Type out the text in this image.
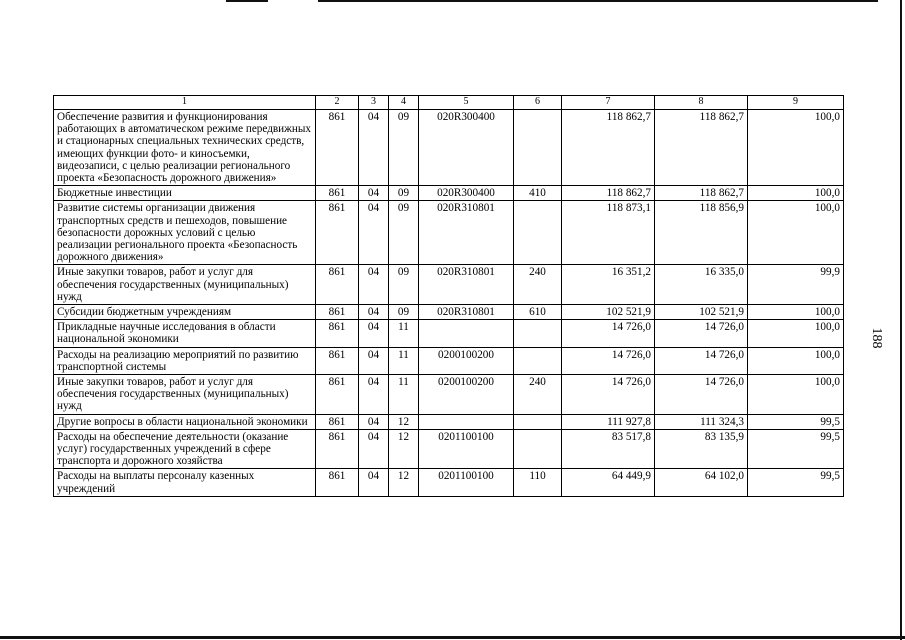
188
1	2	3	4	5	6	7	8	9
Обеспечение развития и функционирования работающих в автоматическом режиме передвижных и стационарных специальных технических средств, имеющих функции фото- и киносъемки, видеозаписи, с целью реализации регионального проекта «Безопасность дорожного движения»	861	04	09	020R300400		118 862,7	118 862,7	100,0
Бюджетные инвестиции	861	04	09	020R300400	410	118 862,7	118 862,7	100,0
Развитие системы организации движения транспортных средств и пешеходов, повышение безопасности дорожных условий с целью реализации регионального проекта «Безопасность дорожного движения»	861	04	09	020R310801		118 873,1	118 856,9	100,0
Иные закупки товаров, работ и услуг для обеспечения государственных (муниципальных) нужд	861	04	09	020R310801	240	16 351,2	16 335,0	99,9
Субсидии бюджетным учреждениям	861	04	09	020R310801	610	102 521,9	102 521,9	100,0
Прикладные научные исследования в области национальной экономики	861	04	11			14 726,0	14 726,0	100,0
Расходы на реализацию мероприятий по развитию транспортной системы	861	04	11	0200100200		14 726,0	14 726,0	100,0
Иные закупки товаров, работ и услуг для обеспечения государственных (муниципальных) нужд	861	04	11	0200100200	240	14 726,0	14 726,0	100,0
Другие вопросы в области национальной экономики	861	04	12			111 927,8	111 324,3	99,5
Расходы на обеспечение деятельности (оказание услуг) государственных учреждений в сфере транспорта и дорожного хозяйства	861	04	12	0201100100		83 517,8	83 135,9	99,5
Расходы на выплаты персоналу казенных учреждений	861	04	12	0201100100	110	64 449,9	64 102,0	99,5
